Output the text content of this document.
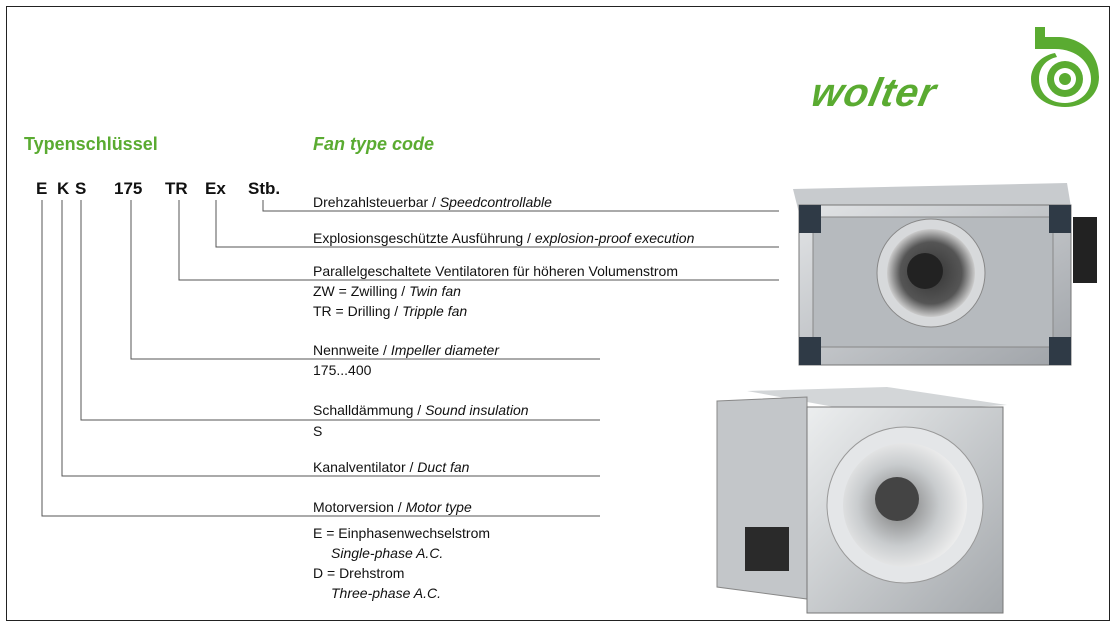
wolter
Typenschlüssel	Fan type code
E K S 175 TR Ex Stb.
Drehzahlsteuerbar / Speedcontrollable
Explosionsgeschützte Ausführung / explosion-proof execution
Parallelgeschaltete Ventilatoren für höheren Volumenstrom
ZW = Zwilling / Twin fan
TR = Drilling / Tripple fan
Nennweite / Impeller diameter
175...400
Schalldämmung / Sound insulation
S
Kanalventilator / Duct fan
Motorversion / Motor type
E = Einphasenwechselstrom
Single-phase A.C.
D = Drehstrom
Three-phase A.C.
